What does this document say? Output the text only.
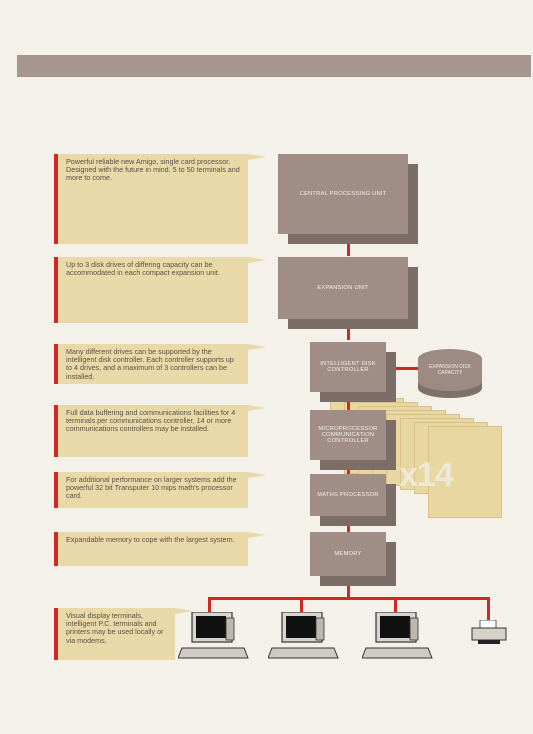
Powerful reliable new Amigo, single card processor. Designed with the future in mind. 5 to 50 terminals and more to come.
Up to 3 disk drives of differing capacity can be accommodated in each compact expansion unit.
Many different drives can be supported by the intelligent disk controller. Each controller supports up to 4 drives, and a maximum of 3 controllers can be installed.
Full data buffering and communications facilities for 4 terminals per communications controller, 14 or more communications controllers may be installed.
For additional performance on larger systems add the powerful 32 bit Transputer 10 mips math's processor card.
Expandable memory to cope with the largest system.
Visual display terminals, intelligent P.C. terminals and printers may be used locally or via modems.
x14
CENTRAL PROCESSING UNIT
EXPANSION UNIT
INTELLIGENT DISK CONTROLLER	EXPANSION DISK CAPACITY
MICROPROCESSOR COMMUNICATION CONTROLLER
MATHS PROCESSOR
MEMORY
